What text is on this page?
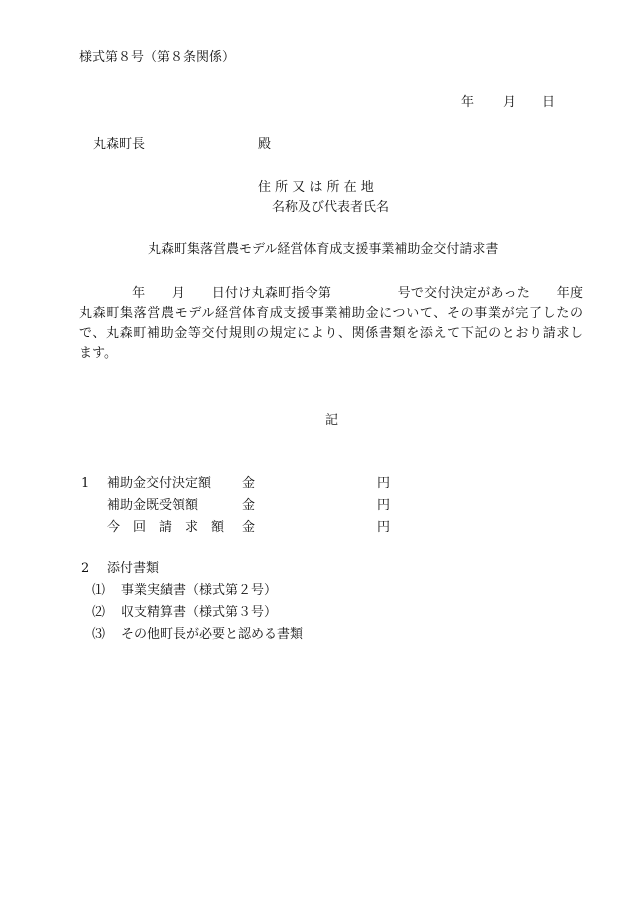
様式第８号（第８条関係）
年 月 日
丸森町長	殿
住 所 又 は 所 在 地
名称及び代表者氏名
丸森町集落営農モデル経営体育成支援事業補助金交付請求書
　　　　年　　月　　日付け丸森町指令第　　　　　号で交付決定があった　　年度
丸森町集落営農モデル経営体育成支援事業補助金について、その事業が完了したの
で、丸森町補助金等交付規則の規定により、関係書類を添えて下記のとおり請求し
ます。
記
1 補助金交付決定額 金	円
補助金既受領額	金	円
今　回　請　求　額 金	円
2 添付書類
⑴ 事業実績書（様式第２号）
⑵ 収支精算書（様式第３号）
⑶ その他町長が必要と認める書類
